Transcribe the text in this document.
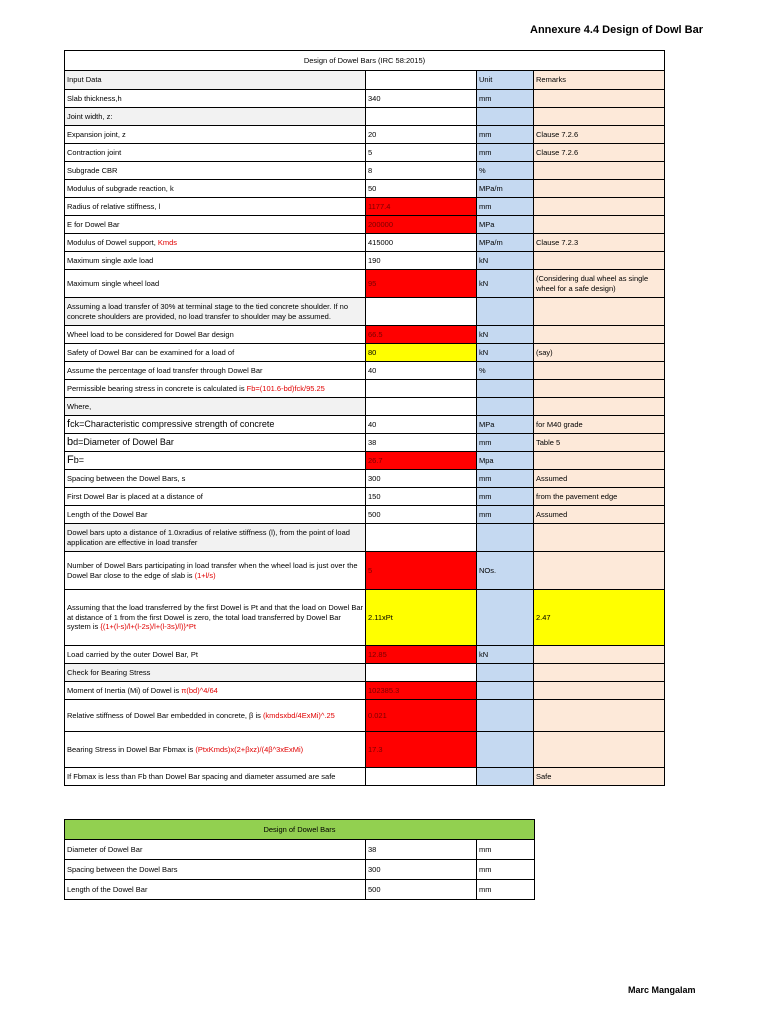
Annexure 4.4 Design of Dowl Bar
Design of Dowel Bars (IRC 58:2015)			
Input Data		Unit	Remarks
Slab thickness,h	340	mm	
Joint width, z:			
Expansion joint, z	20	mm	Clause 7.2.6
Contraction joint	5	mm	Clause 7.2.6
Subgrade CBR	8	%	
Modulus of subgrade reaction, k	50	MPa/m	
Radius of relative stiffness, l	1177.4	mm	
E for Dowel Bar	200000	MPa	
Modulus of Dowel support, Kmds	415000	MPa/m	Clause 7.2.3
Maximum single axle load	190	kN	
Maximum single wheel load	95	kN	(Considering dual wheel as single wheel for a safe design)
Assuming a load transfer of 30% at terminal stage to the tied concrete shoulder. If no concrete shoulders are provided, no load transfer to shoulder may be assumed.			
Wheel load to be considered for Dowel Bar design	66.5	kN	
Safety of Dowel Bar can be examined for a load of	80	kN	(say)
Assume the percentage of load transfer through Dowel Bar	40	%	
Permissible bearing stress in concrete is calculated is Fb=(101.6-bd)fck/95.25			
Where,			
fck=Characteristic compressive strength of concrete	40	MPa	for M40 grade
bd=Diameter of Dowel Bar	38	mm	Table 5
Fb=	26.7	Mpa	
Spacing between the Dowel Bars, s	300	mm	Assumed
First Dowel Bar is placed at a distance of	150	mm	from the pavement edge
Length of the Dowel Bar	500	mm	Assumed
Dowel bars upto a distance of 1.0xradius of relative stiffness (l), from the point of load application are effective in load transfer			
Number of Dowel Bars participating in load transfer when the wheel load is just over the Dowel Bar close to the edge of slab is (1+l/s)	5	NOs.	
Assuming that the load transferred by the first Dowel is Pt and that the load on Dowel Bar at distance of 1 from the first Dowel is zero, the total load transferred by Dowel Bar system is {(1+(l-s)/l+(l-2s)/l+(l-3s)/l)}*Pt	2.11xPt		2.47
Load carried by the outer Dowel Bar, Pt	12.85	kN	
Check for Bearing Stress			
Moment of Inertia (Mi) of Dowel is π(bd)^4/64	102385.3		
Relative stiffness of Dowel Bar embedded in concrete, β is (kmdsxbd/4ExMi)^.25	0.021		
Bearing Stress in Dowel Bar Fbmax is (PtxKmds)x(2+βxz)/(4β^3xExMi)	17.3		
If Fbmax is less than Fb than Dowel Bar spacing and diameter assumed are safe			Safe
Design of Dowel Bars		
Diameter of Dowel Bar	38	mm
Spacing between the Dowel Bars	300	mm
Length of the Dowel Bar	500	mm
Marc Mangalam
